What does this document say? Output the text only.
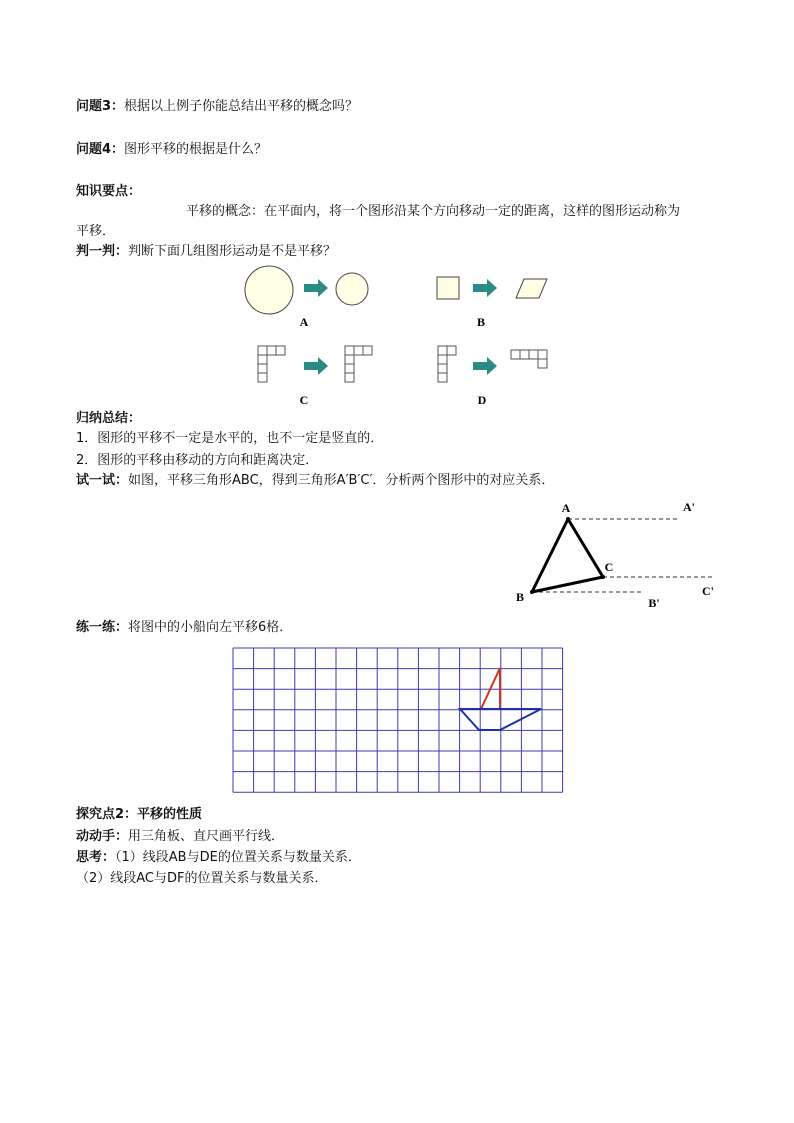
问题3：根据以上例子你能总结出平移的概念吗？
问题4：图形平移的根据是什么？
知识要点：
平移的概念：在平面内，将一个图形沿某个方向移动一定的距离，这样的图形运动称为
平移．
判一判：判断下面几组图形运动是不是平移？
A	B
C	D
归纳总结：
1．图形的平移不一定是水平的，也不一定是竖直的．
2．图形的平移由移动的方向和距离决定．
试一试：如图，平移三角形ABC，得到三角形A′B′C′．分析两个图形中的对应关系．
A
B
C
A'
B'
C'
练一练：将图中的小船向左平移6格．
探究点2：平移的性质
动动手：用三角板、直尺画平行线．
思考：（1）线段AB与DE的位置关系与数量关系．
（2）线段AC与DF的位置关系与数量关系．
